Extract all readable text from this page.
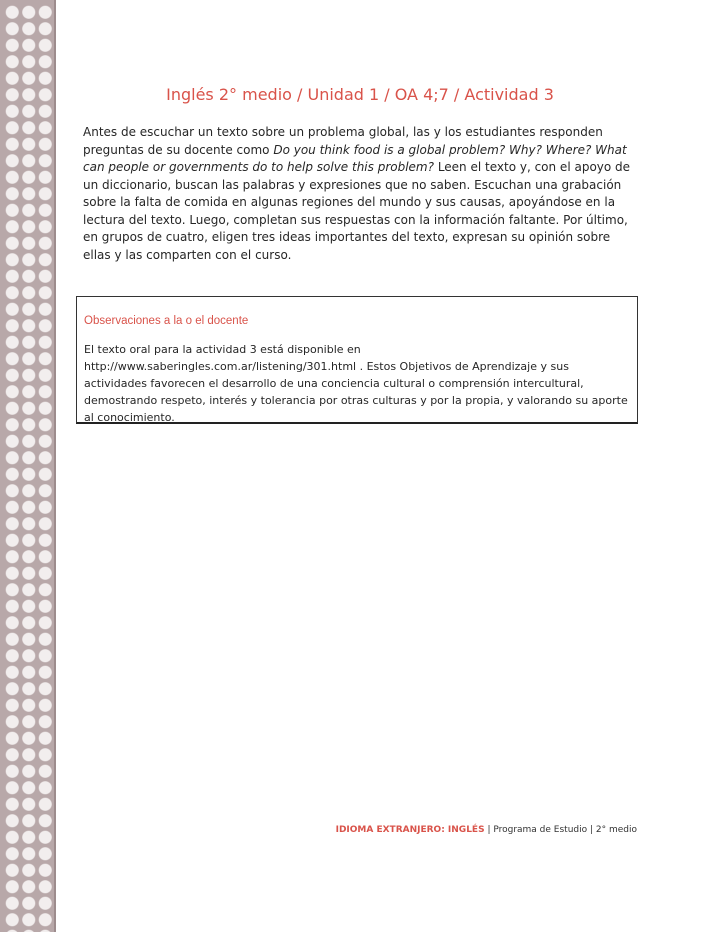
Inglés 2° medio / Unidad 1 / OA 4;7 / Actividad 3
Antes de escuchar un texto sobre un problema global, las y los estudiantes responden preguntas de su docente como Do you think food is a global problem? Why? Where? What can people or governments do to help solve this problem? Leen el texto y, con el apoyo de un diccionario, buscan las palabras y expresiones que no saben. Escuchan una grabación sobre la falta de comida en algunas regiones del mundo y sus causas, apoyándose en la lectura del texto. Luego, completan sus respuestas con la información faltante. Por último, en grupos de cuatro, eligen tres ideas importantes del texto, expresan su opinión sobre ellas y las comparten con el curso.
Observaciones a la o el docente
El texto oral para la actividad 3 está disponible en http://www.saberingles.com.ar/listening/301.html . Estos Objetivos de Aprendizaje y sus actividades favorecen el desarrollo de una conciencia cultural o comprensión intercultural, demostrando respeto, interés y tolerancia por otras culturas y por la propia, y valorando su aporte al conocimiento.
IDIOMA EXTRANJERO: INGLÉS | Programa de Estudio | 2° medio
